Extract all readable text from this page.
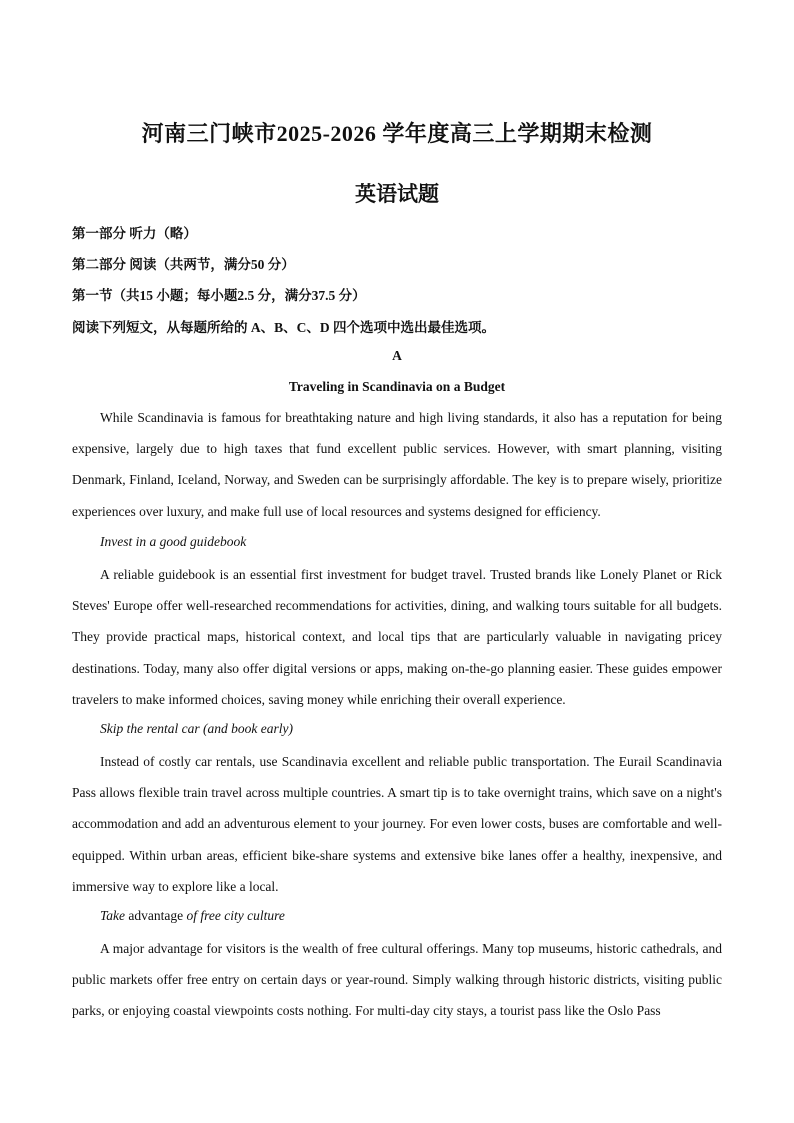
河南三门峡市2025-2026 学年度高三上学期期末检测
英语试题
第一部分 听力（略）
第二部分 阅读（共两节，满分50 分）
第一节（共15 小题；每小题2.5 分，满分37.5 分）
阅读下列短文，从每题所给的 A、B、C、D 四个选项中选出最佳选项。
A
Traveling in Scandinavia on a Budget
While Scandinavia is famous for breathtaking nature and high living standards, it also has a reputation for being expensive, largely due to high taxes that fund excellent public services. However, with smart planning, visiting Denmark, Finland, Iceland, Norway, and Sweden can be surprisingly affordable. The key is to prepare wisely, prioritize experiences over luxury, and make full use of local resources and systems designed for efficiency.
Invest in a good guidebook
A reliable guidebook is an essential first investment for budget travel. Trusted brands like Lonely Planet or Rick Steves' Europe offer well-researched recommendations for activities, dining, and walking tours suitable for all budgets. They provide practical maps, historical context, and local tips that are particularly valuable in navigating pricey destinations. Today, many also offer digital versions or apps, making on-the-go planning easier. These guides empower travelers to make informed choices, saving money while enriching their overall experience.
Skip the rental car (and book early)
Instead of costly car rentals, use Scandinavia excellent and reliable public transportation. The Eurail Scandinavia Pass allows flexible train travel across multiple countries. A smart tip is to take overnight trains, which save on a night's accommodation and add an adventurous element to your journey. For even lower costs, buses are comfortable and well-equipped. Within urban areas, efficient bike-share systems and extensive bike lanes offer a healthy, inexpensive, and immersive way to explore like a local.
Take advantage of free city culture
A major advantage for visitors is the wealth of free cultural offerings. Many top museums, historic cathedrals, and public markets offer free entry on certain days or year-round. Simply walking through historic districts, visiting public parks, or enjoying coastal viewpoints costs nothing. For multi-day city stays, a tourist pass like the Oslo Pass
